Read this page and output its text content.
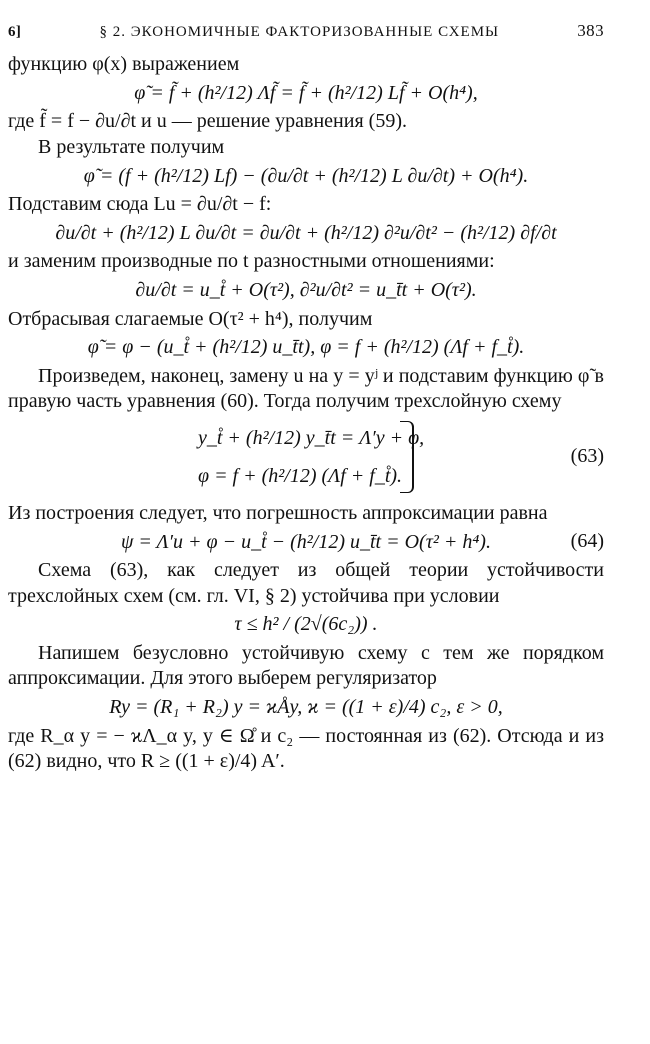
6]	§ 2. ЭКОНОМИЧНЫЕ ФАКТОРИЗОВАННЫЕ СХЕМЫ	383

функцию φ(x) выражением

φ̃ = f̃ + (h²/12) Λf̃ = f̃ + (h²/12) Lf̃ + O(h⁴),

где f̃ = f − ∂u/∂t и u — решение уравнения (59).

В результате получим

φ̃ = (f + (h²/12) Lf) − (∂u/∂t + (h²/12) L ∂u/∂t) + O(h⁴).

Подставим сюда Lu = ∂u/∂t − f:

∂u/∂t + (h²/12) L ∂u/∂t = ∂u/∂t + (h²/12) ∂²u/∂t² − (h²/12) ∂f/∂t

и заменим производные по t разностными отношениями:

∂u/∂t = u_t̊ + O(τ²), ∂²u/∂t² = u_t̄t + O(τ²).

Отбрасывая слагаемые O(τ² + h⁴), получим

φ̃ = φ − (u_t̊ + (h²/12) u_t̄t), φ = f + (h²/12) (Λf + f_t̊).

Произведем, наконец, замену u на y = yʲ и подставим функцию φ̃ в правую часть уравнения (60). Тогда получим трехслойную схему

y_t̊ + (h²/12) y_t̄t = Λ′y + φ,
φ = f + (h²/12) (Λf + f_t̊).
(63)

Из построения следует, что погрешность аппроксимации равна

ψ = Λ′u + φ − u_t̊ − (h²/12) u_t̄t = O(τ² + h⁴).	(64)

Схема (63), как следует из общей теории устойчивости трехслойных схем (см. гл. VI, § 2) устойчива при условии

τ ≤ h² / (2√(6c₂)) .

Напишем безусловно устойчивую схему с тем же порядком аппроксимации. Для этого выберем регуляризатор

Ry = (R₁ + R₂) y = ϰÅy, ϰ = ((1 + ε)/4) c₂, ε > 0,

где R_α y = − ϰΛ_α y, y ∈ Ω̊ и c₂ — постоянная из (62). Отсюда и из (62) видно, что R ≥ ((1 + ε)/4) A′.
